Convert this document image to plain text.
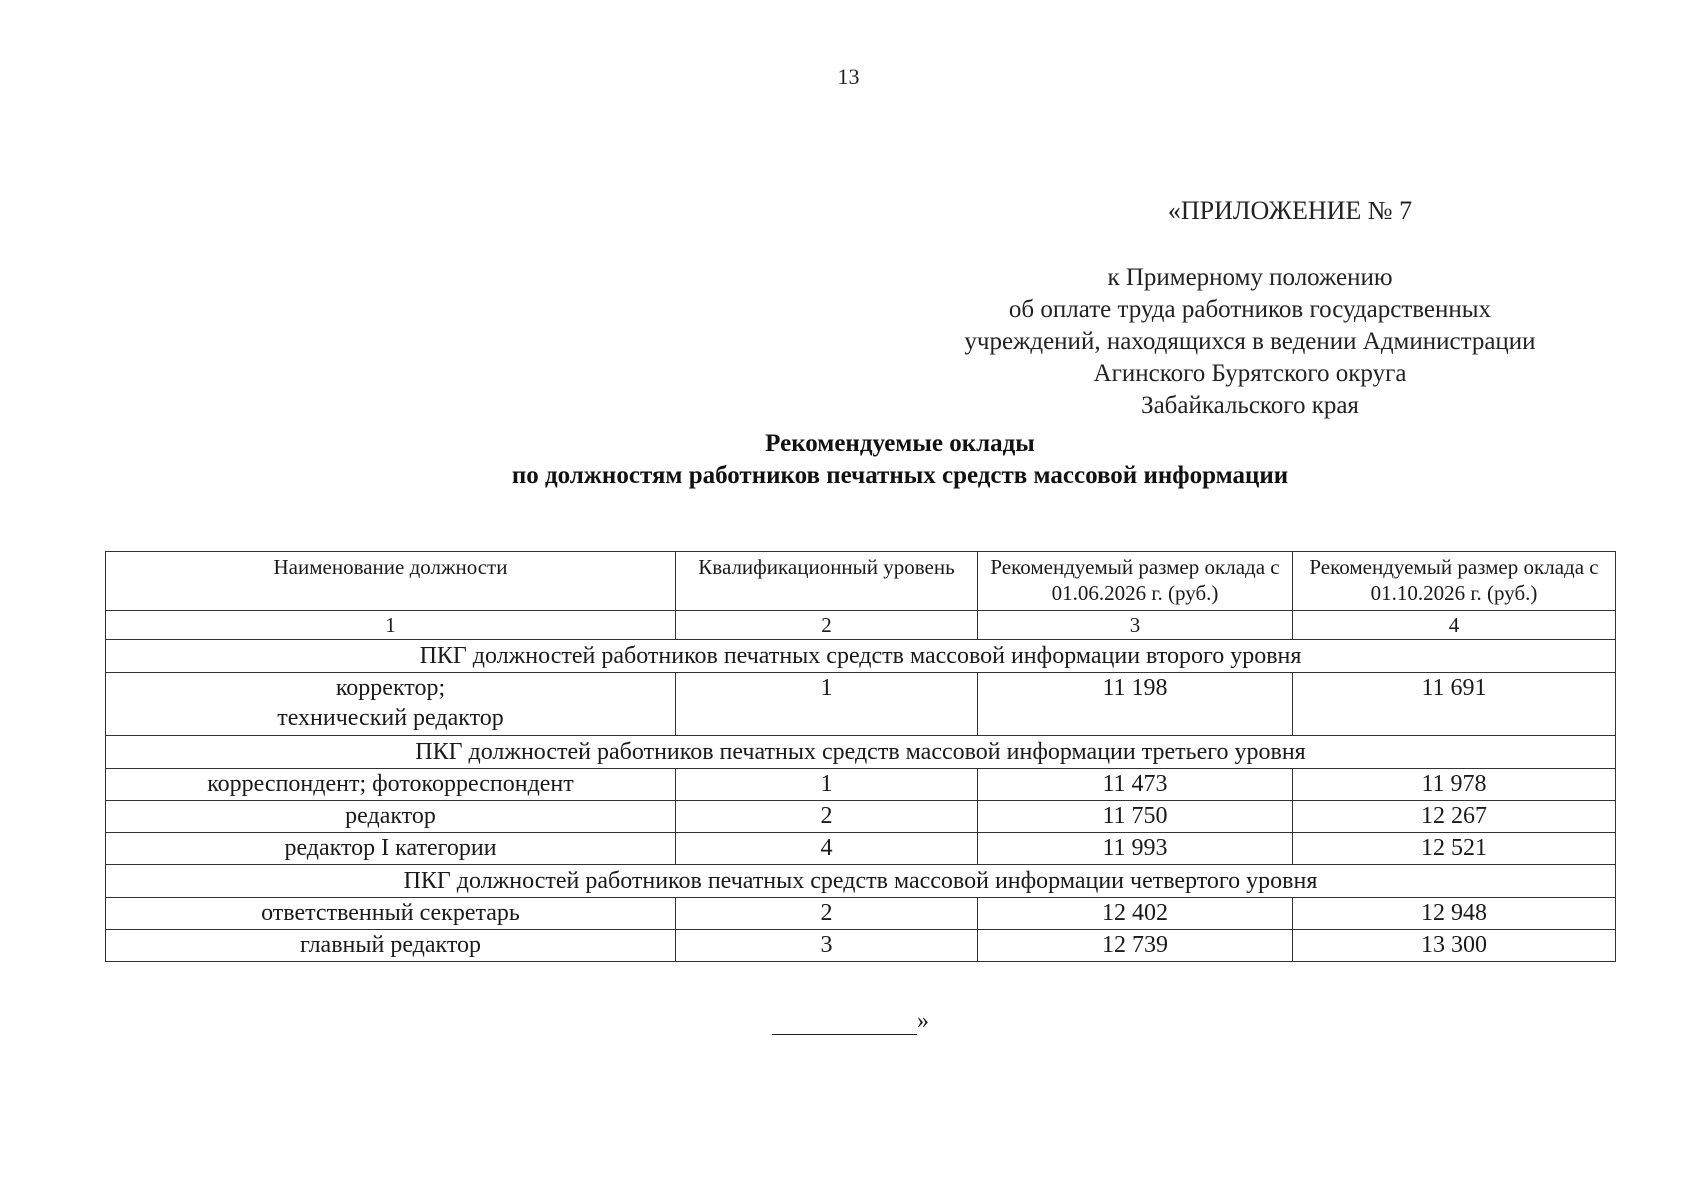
13
«ПРИЛОЖЕНИЕ № 7
к Примерному положению
об оплате труда работников государственных
учреждений, находящихся в ведении Администрации
Агинского Бурятского округа
Забайкальского края
Рекомендуемые оклады
по должностям работников печатных средств массовой информации
Наименование должности	Квалификационный уровень	Рекомендуемый размер оклада с 01.06.2026 г. (руб.)	Рекомендуемый размер оклада с 01.10.2026 г. (руб.)
1	2	3	4
ПКГ должностей работников печатных средств массовой информации второго уровня			

корректор;
технический редактор	1	11 198	11 691
ПКГ должностей работников печатных средств массовой информации третьего уровня			
корреспондент; фотокорреспондент	1	11 473	11 978
редактор	2	11 750	12 267
редактор I категории	4	11 993	12 521
ПКГ должностей работников печатных средств массовой информации четвертого уровня			
ответственный секретарь	2	12 402	12 948
главный редактор	3	12 739	13 300
»
